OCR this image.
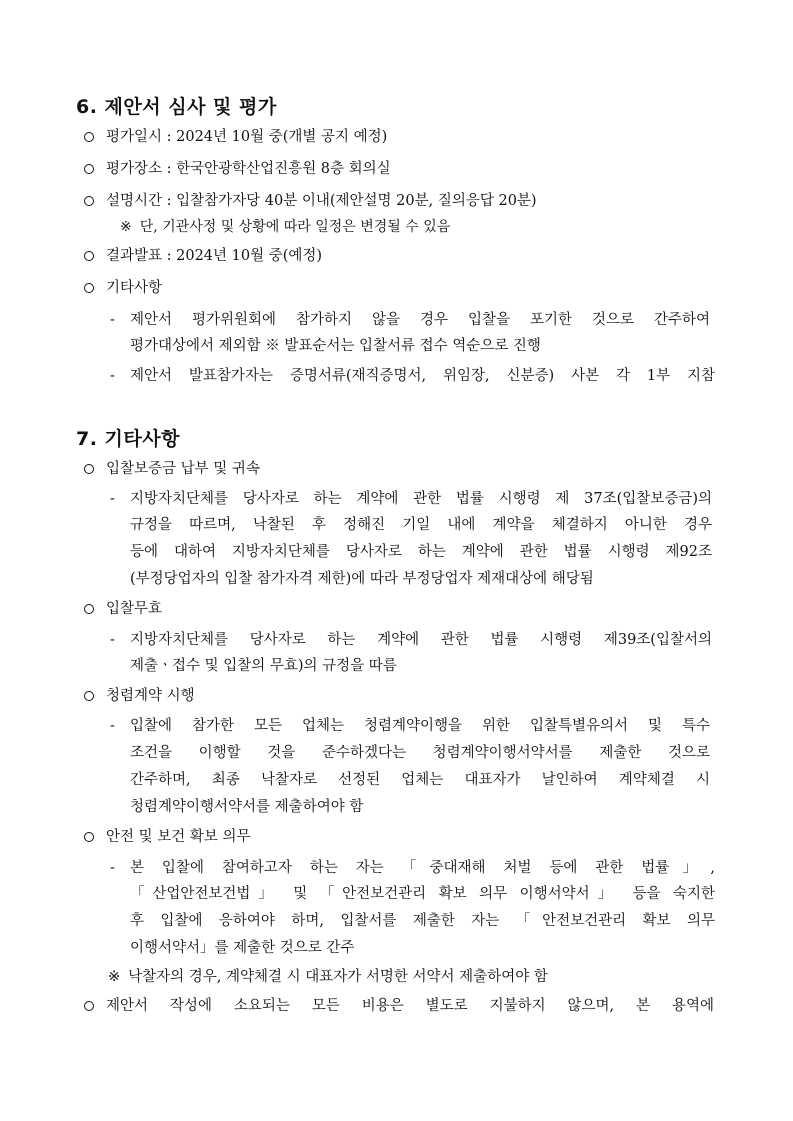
6. 제안서 심사 및 평가
평가일시 : 2024년 10월 중(개별 공지 예정)
평가장소 : 한국안광학산업진흥원 8층 회의실
설명시간 : 입찰참가자당 40분 이내(제안설명 20분, 질의응답 20분)
※ 단, 기관사정 및 상황에 따라 일정은 변경될 수 있음
결과발표 : 2024년 10월 중(예정)
기타사항
-	제안서 평가위원회에 참가하지 않을 경우 입찰을 포기한 것으로 간주하여
평가대상에서 제외함 ※ 발표순서는 입찰서류 접수 역순으로 진행
-	제안서 발표참가자는 증명서류(재직증명서, 위임장, 신분증) 사본 각 1부 지참
7. 기타사항
입찰보증금 납부 및 귀속
-	지방자치단체를 당사자로 하는 계약에 관한 법률 시행령 제 37조(입찰보증금)의
규정을 따르며, 낙찰된 후 정해진 기일 내에 계약을 체결하지 아니한 경우
등에 대하여 지방자치단체를 당사자로 하는 계약에 관한 법률 시행령 제92조
(부정당업자의 입찰 참가자격 제한)에 따라 부정당업자 제재대상에 해당됨
입찰무효
-	지방자치단체를 당사자로 하는 계약에 관한 법률 시행령 제39조(입찰서의
제출ㆍ접수 및 입찰의 무효)의 규정을 따름
청렴계약 시행
-	입찰에 참가한 모든 업체는 청렴계약이행을 위한 입찰특별유의서 및 특수
조건을 이행할 것을 준수하겠다는 청렴계약이행서약서를 제출한 것으로
간주하며, 최종 낙찰자로 선정된 업체는 대표자가 날인하여 계약체결 시
청렴계약이행서약서를 제출하여야 함
안전 및 보건 확보 의무
-	본 입찰에 참여하고자 하는 자는 「중대재해 처벌 등에 관한 법률」,
「산업안전보건법」 및 「안전보건관리 확보 의무 이행서약서」 등을 숙지한
후 입찰에 응하여야 하며, 입찰서를 제출한 자는 「안전보건관리 확보 의무
이행서약서」를 제출한 것으로 간주
※ 낙찰자의 경우, 계약체결 시 대표자가 서명한 서약서 제출하여야 함
제안서 작성에 소요되는 모든 비용은 별도로 지불하지 않으며, 본 용역에
